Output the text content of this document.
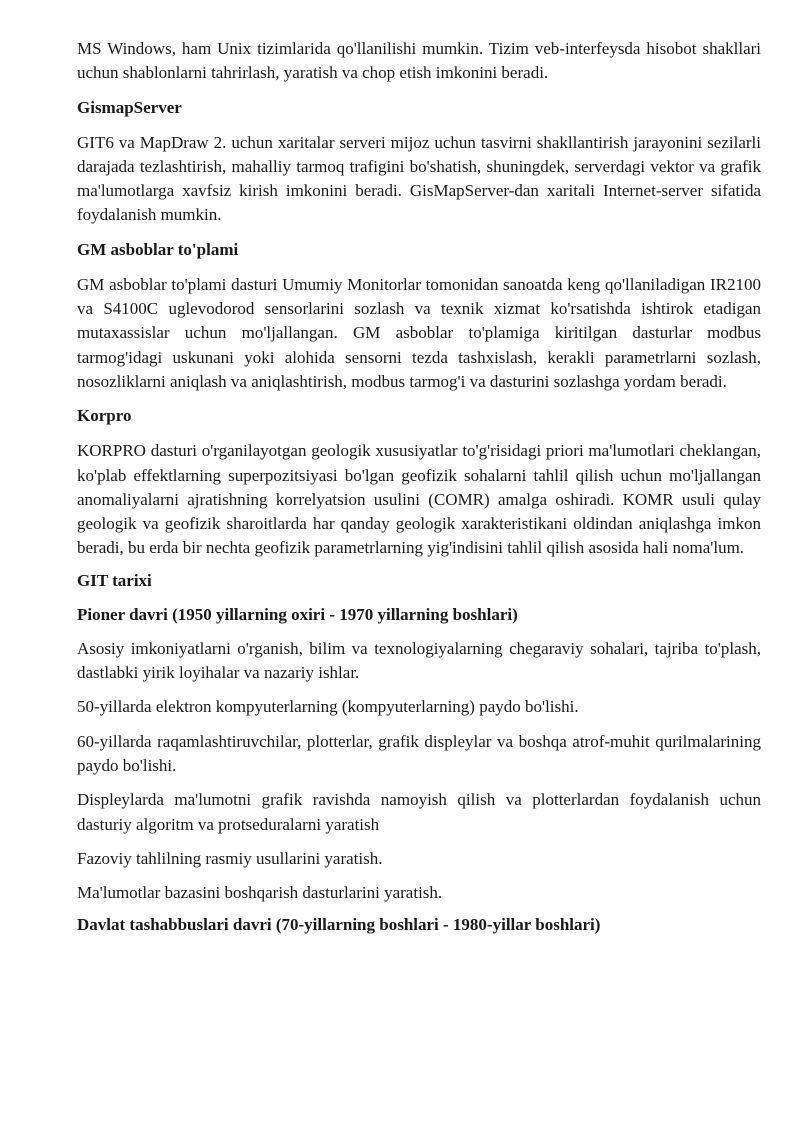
MS Windows, ham Unix tizimlarida qo'llanilishi mumkin. Tizim veb-interfeysda hisobot shakllari uchun shablonlarni tahrirlash, yaratish va chop etish imkonini beradi.

GismapServer

GIT6 va MapDraw 2. uchun xaritalar serveri mijoz uchun tasvirni shakllantirish jarayonini sezilarli darajada tezlashtirish, mahalliy tarmoq trafigini bo'shatish, shuningdek, serverdagi vektor va grafik ma'lumotlarga xavfsiz kirish imkonini beradi. GisMapServer-dan xaritali Internet-server sifatida foydalanish mumkin.

GM asboblar to'plami

GM asboblar to'plami dasturi Umumiy Monitorlar tomonidan sanoatda keng qo'llaniladigan IR2100 va S4100C uglevodorod sensorlarini sozlash va texnik xizmat ko'rsatishda ishtirok etadigan mutaxassislar uchun mo'ljallangan. GM asboblar to'plamiga kiritilgan dasturlar modbus tarmog'idagi uskunani yoki alohida sensorni tezda tashxislash, kerakli parametrlarni sozlash, nosozliklarni aniqlash va aniqlashtirish, modbus tarmog'i va dasturini sozlashga yordam beradi.

Korpro

KORPRO dasturi o'rganilayotgan geologik xususiyatlar to'g'risidagi priori ma'lumotlari cheklangan, ko'plab effektlarning superpozitsiyasi bo'lgan geofizik sohalarni tahlil qilish uchun mo'ljallangan anomaliyalarni ajratishning korrelyatsion usulini (COMR) amalga oshiradi. KOMR usuli qulay geologik va geofizik sharoitlarda har qanday geologik xarakteristikani oldindan aniqlashga imkon beradi, bu erda bir nechta geofizik parametrlarning yig'indisini tahlil qilish asosida hali noma'lum.

GIT tarixi
Pioner davri (1950 yillarning oxiri - 1970 yillarning boshlari)

Asosiy imkoniyatlarni o'rganish, bilim va texnologiyalarning chegaraviy sohalari, tajriba to'plash, dastlabki yirik loyihalar va nazariy ishlar.

50-yillarda elektron kompyuterlarning (kompyuterlarning) paydo bo'lishi.

60-yillarda raqamlashtiruvchilar, plotterlar, grafik displeylar va boshqa atrof-muhit qurilmalarining paydo bo'lishi.

Displeylarda ma'lumotni grafik ravishda namoyish qilish va plotterlardan foydalanish uchun dasturiy algoritm va protseduralarni yaratish

Fazoviy tahlilning rasmiy usullarini yaratish.

Ma'lumotlar bazasini boshqarish dasturlarini yaratish.

Davlat tashabbuslari davri (70-yillarning boshlari - 1980-yillar boshlari)
